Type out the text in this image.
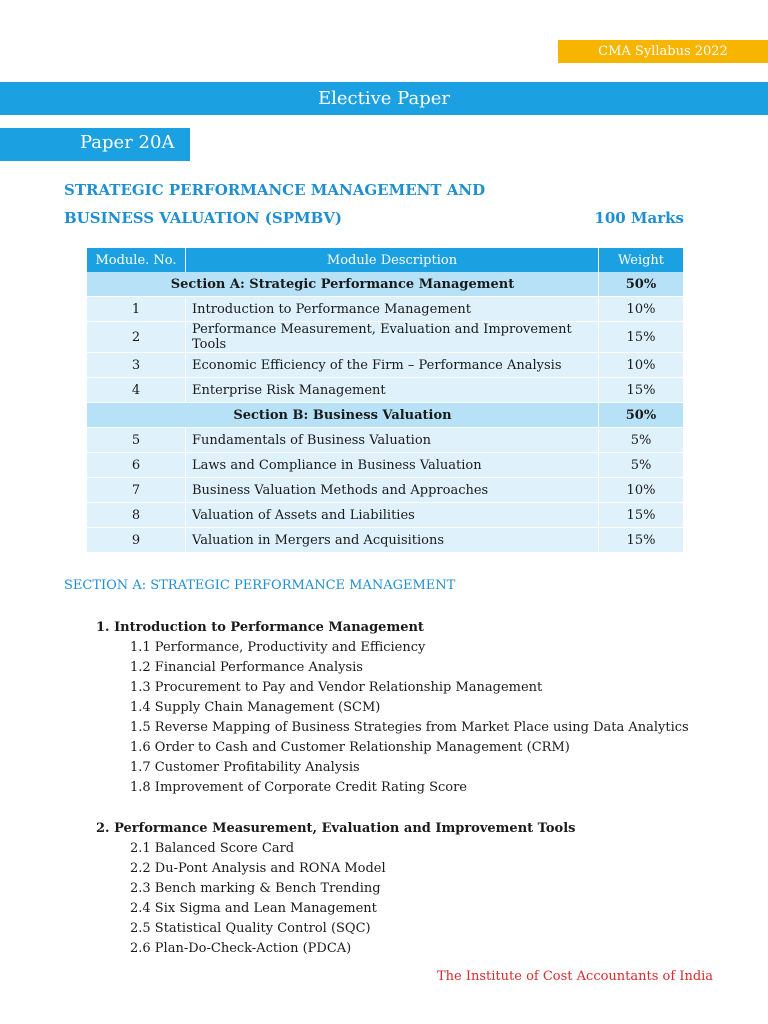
CMA Syllabus 2022
Elective Paper
Paper 20A
STRATEGIC PERFORMANCE MANAGEMENT AND
BUSINESS VALUATION (SPMBV)	100 Marks
Module. No.	Module Description	Weight
Section A: Strategic Performance Management		50%
1	Introduction to Performance Management	10%
2	Performance Measurement, Evaluation and Improvement Tools	15%
3	Economic Efficiency of the Firm – Performance Analysis	10%
4	Enterprise Risk Management	15%
Section B: Business Valuation		50%
5	Fundamentals of Business Valuation	5%
6	Laws and Compliance in Business Valuation	5%
7	Business Valuation Methods and Approaches	10%
8	Valuation of Assets and Liabilities	15%
9	Valuation in Mergers and Acquisitions	15%
SECTION A: STRATEGIC PERFORMANCE MANAGEMENT
1. Introduction to Performance Management
1.1 Performance, Productivity and Efficiency
1.2 Financial Performance Analysis
1.3 Procurement to Pay and Vendor Relationship Management
1.4 Supply Chain Management (SCM)
1.5 Reverse Mapping of Business Strategies from Market Place using Data Analytics
1.6 Order to Cash and Customer Relationship Management (CRM)
1.7 Customer Profitability Analysis
1.8 Improvement of Corporate Credit Rating Score
2. Performance Measurement, Evaluation and Improvement Tools
2.1 Balanced Score Card
2.2 Du-Pont Analysis and RONA Model
2.3 Bench marking & Bench Trending
2.4 Six Sigma and Lean Management
2.5 Statistical Quality Control (SQC)
2.6 Plan-Do-Check-Action (PDCA)
The Institute of Cost Accountants of India
